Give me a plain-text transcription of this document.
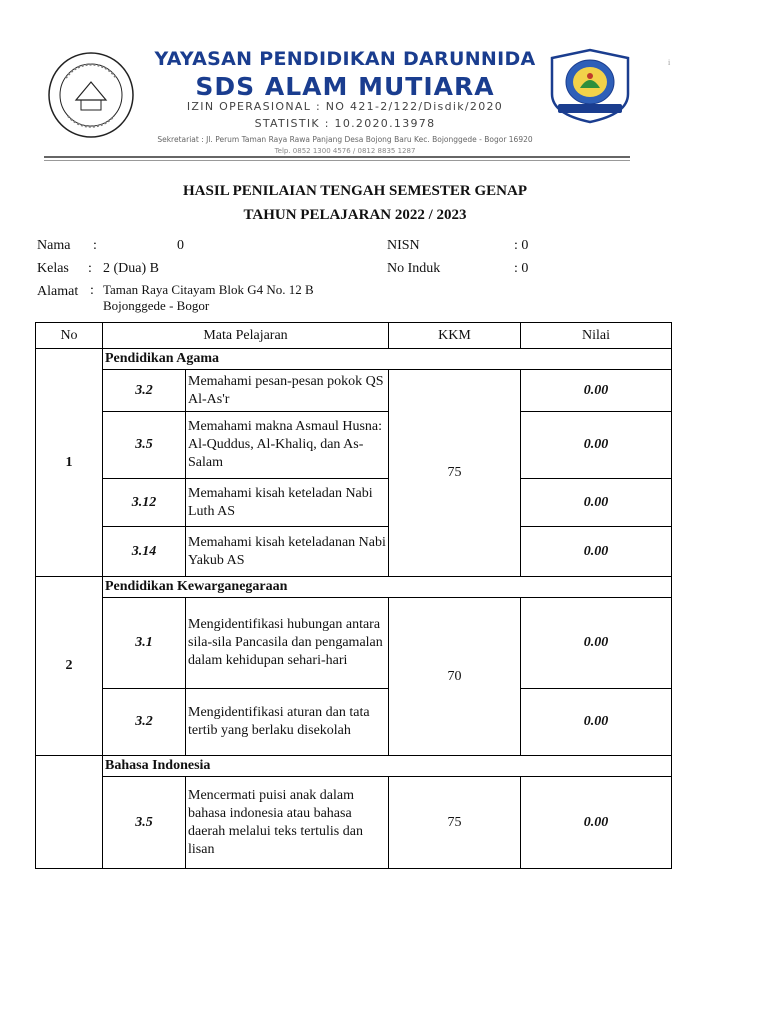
YAYASAN PENDIDIKAN DARUNNIDA
SDS ALAM MUTIARA
IZIN OPERASIONAL : NO 421-2/122/Disdik/2020
STATISTIK : 10.2020.13978
Sekretariat : Jl. Perum Taman Raya Rawa Panjang Desa Bojong Baru Kec. Bojonggede - Bogor 16920
Telp. 0852 1300 4576 / 0812 8835 1287
i
HASIL PENILAIAN TENGAH SEMESTER GENAP
TAHUN PELAJARAN 2022 / 2023
Nama :	0
Kelas : 2 (Dua) B
Alamat : Taman Raya Citayam Blok G4 No. 12 B
Bojonggede - Bogor
NISN	: 0
No Induk	: 0
No	Mata Pelajaran		KKM	Nilai
1	Pendidikan Agama			
	3.2	Memahami pesan-pesan pokok QS Al-As'r	75	0.00
	3.5	Memahami makna Asmaul Husna: Al-Quddus, Al-Khaliq, dan As-Salam		0.00
	3.12	Memahami kisah keteladan Nabi Luth AS		0.00
	3.14	Memahami kisah keteladanan Nabi Yakub AS		0.00
2	Pendidikan Kewarganegaraan			
	3.1	Mengidentifikasi hubungan antara sila-sila Pancasila dan pengamalan dalam kehidupan sehari-hari	70	0.00
	3.2	Mengidentifikasi aturan dan tata tertib yang berlaku disekolah		0.00
	Bahasa Indonesia			
	3.5	Mencermati puisi anak dalam bahasa indonesia atau bahasa daerah melalui teks tertulis dan lisan	75	0.00
